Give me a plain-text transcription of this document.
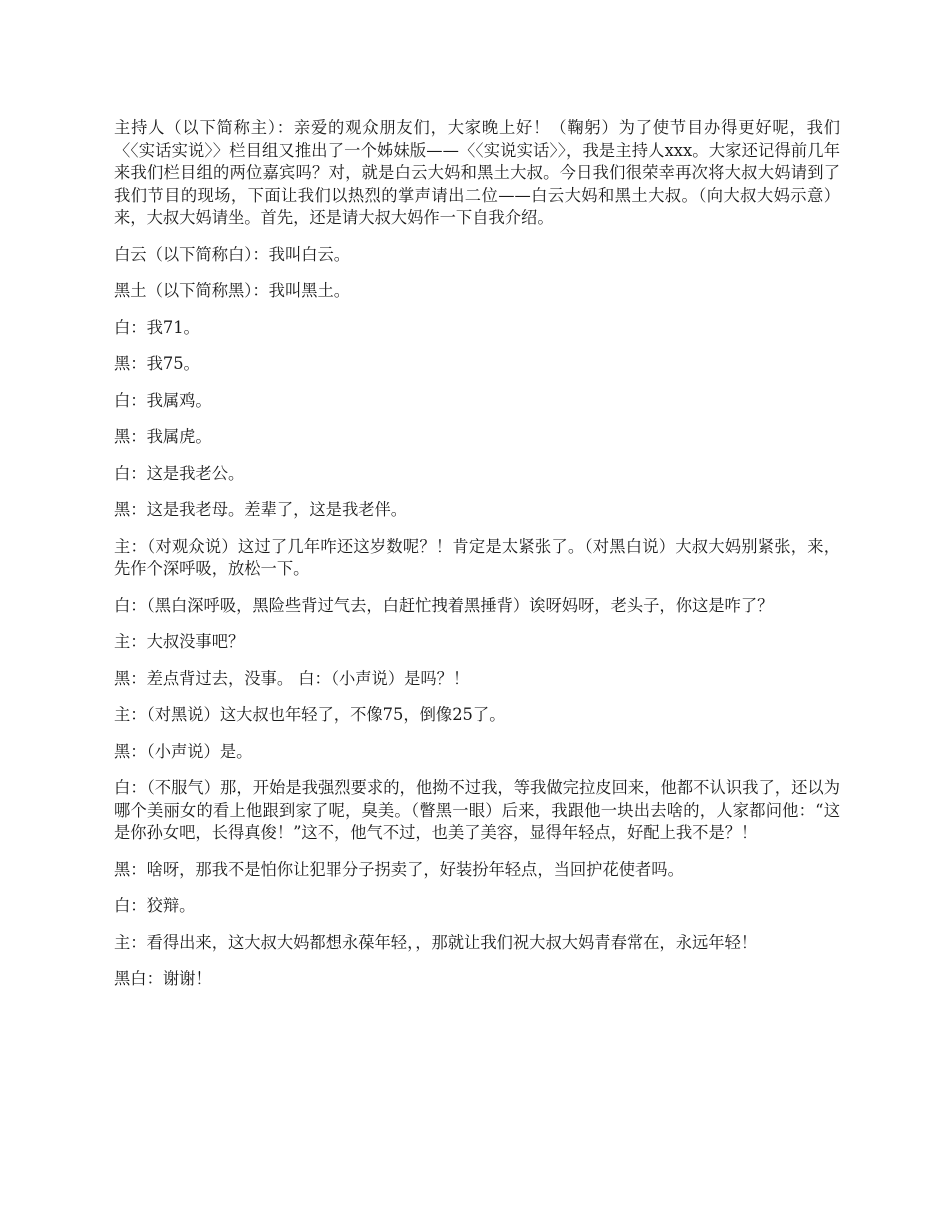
主持人（以下简称主）：亲爱的观众朋友们，大家晚上好！（鞠躬）为了使节目办得更好呢，我们〈〈实话实说〉〉栏目组又推出了一个姊妹版——〈〈实说实话〉〉，我是主持人xxx。大家还记得前几年来我们栏目组的两位嘉宾吗？对，就是白云大妈和黑土大叔。今日我们很荣幸再次将大叔大妈请到了我们节目的现场，下面让我们以热烈的掌声请出二位——白云大妈和黑土大叔。（向大叔大妈示意）来，大叔大妈请坐。首先，还是请大叔大妈作一下自我介绍。

白云（以下简称白）：我叫白云。

黑土（以下简称黑）：我叫黑土。

白：我71。

黑：我75。

白：我属鸡。

黑：我属虎。

白：这是我老公。

黑：这是我老母。差辈了，这是我老伴。

主：（对观众说）这过了几年咋还这岁数呢？！肯定是太紧张了。（对黑白说）大叔大妈别紧张，来，先作个深呼吸，放松一下。

白：（黑白深呼吸，黑险些背过气去，白赶忙拽着黑捶背）诶呀妈呀，老头子，你这是咋了？

主：大叔没事吧？

黑：差点背过去，没事。 白：（小声说）是吗？！

主：（对黑说）这大叔也年轻了，不像75，倒像25了。

黑：（小声说）是。

白：（不服气）那，开始是我强烈要求的，他拗不过我，等我做完拉皮回来，他都不认识我了，还以为哪个美丽女的看上他跟到家了呢，臭美。（瞥黑一眼）后来，我跟他一块出去啥的，人家都问他：“这是你孙女吧，长得真俊！”这不，他气不过，也美了美容，显得年轻点，好配上我不是？！

黑：啥呀，那我不是怕你让犯罪分子拐卖了，好装扮年轻点，当回护花使者吗。

白：狡辩。

主：看得出来，这大叔大妈都想永葆年轻，，那就让我们祝大叔大妈青春常在，永远年轻！

黑白：谢谢！
